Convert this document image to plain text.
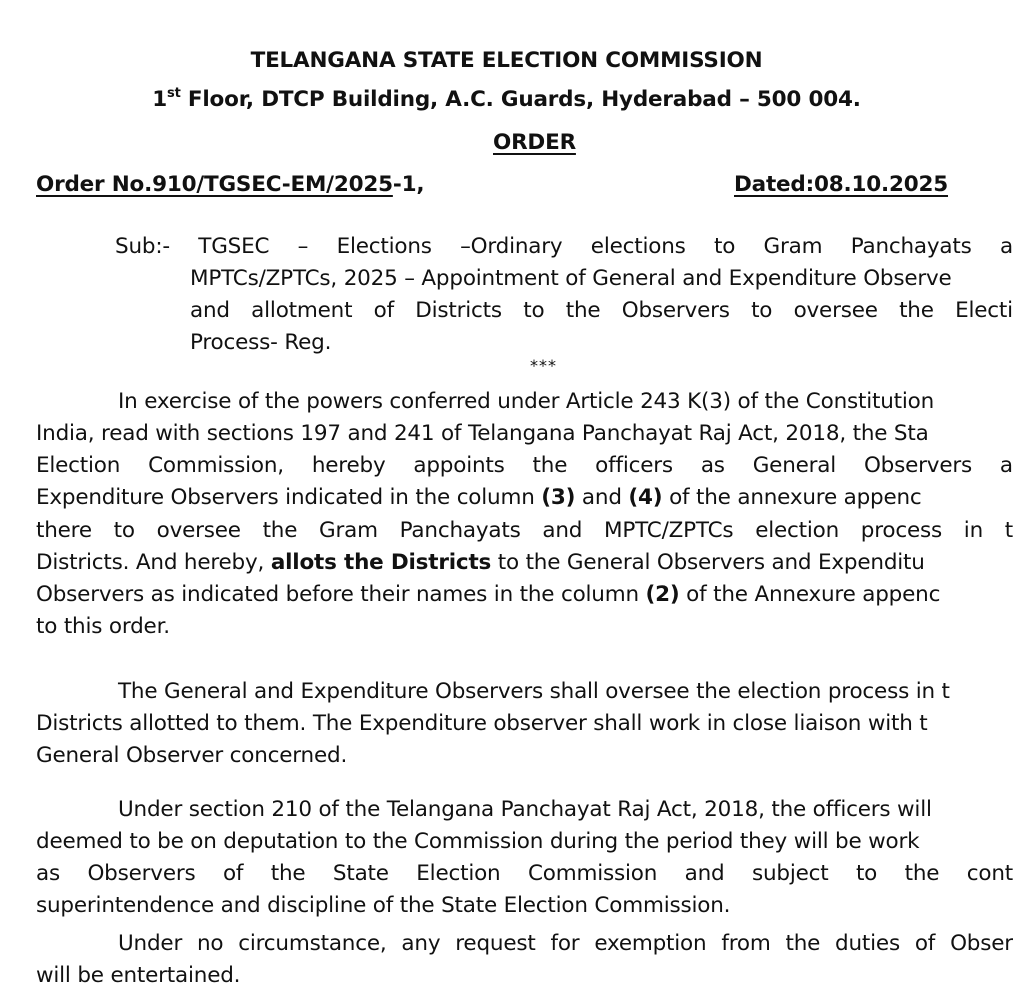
TELANGANA STATE ELECTION COMMISSION
1st Floor, DTCP Building, A.C. Guards, Hyderabad – 500 004.
ORDER
Order No.910/TGSEC-EM/2025-1,	Dated:08.10.2025
Sub:- TGSEC – Elections –Ordinary elections to Gram Panchayats a
MPTCs/ZPTCs, 2025 – Appointment of General and Expenditure Observe
and allotment of Districts to the Observers to oversee the Electi
Process- Reg.
***
In exercise of the powers conferred under Article 243 K(3) of the Constitution
India, read with sections 197 and 241 of Telangana Panchayat Raj Act, 2018, the Sta
Election Commission, hereby appoints the officers as General Observers a
Expenditure Observers indicated in the column (3) and (4) of the annexure appenc
there to oversee the Gram Panchayats and MPTC/ZPTCs election process in t
Districts. And hereby, allots the Districts to the General Observers and Expenditu
Observers as indicated before their names in the column (2) of the Annexure appenc
to this order.
The General and Expenditure Observers shall oversee the election process in t
Districts allotted to them. The Expenditure observer shall work in close liaison with t
General Observer concerned.
Under section 210 of the Telangana Panchayat Raj Act, 2018, the officers will
deemed to be on deputation to the Commission during the period they will be work
as Observers of the State Election Commission and subject to the cont
superintendence and discipline of the State Election Commission.
Under no circumstance, any request for exemption from the duties of Obser
will be entertained.
